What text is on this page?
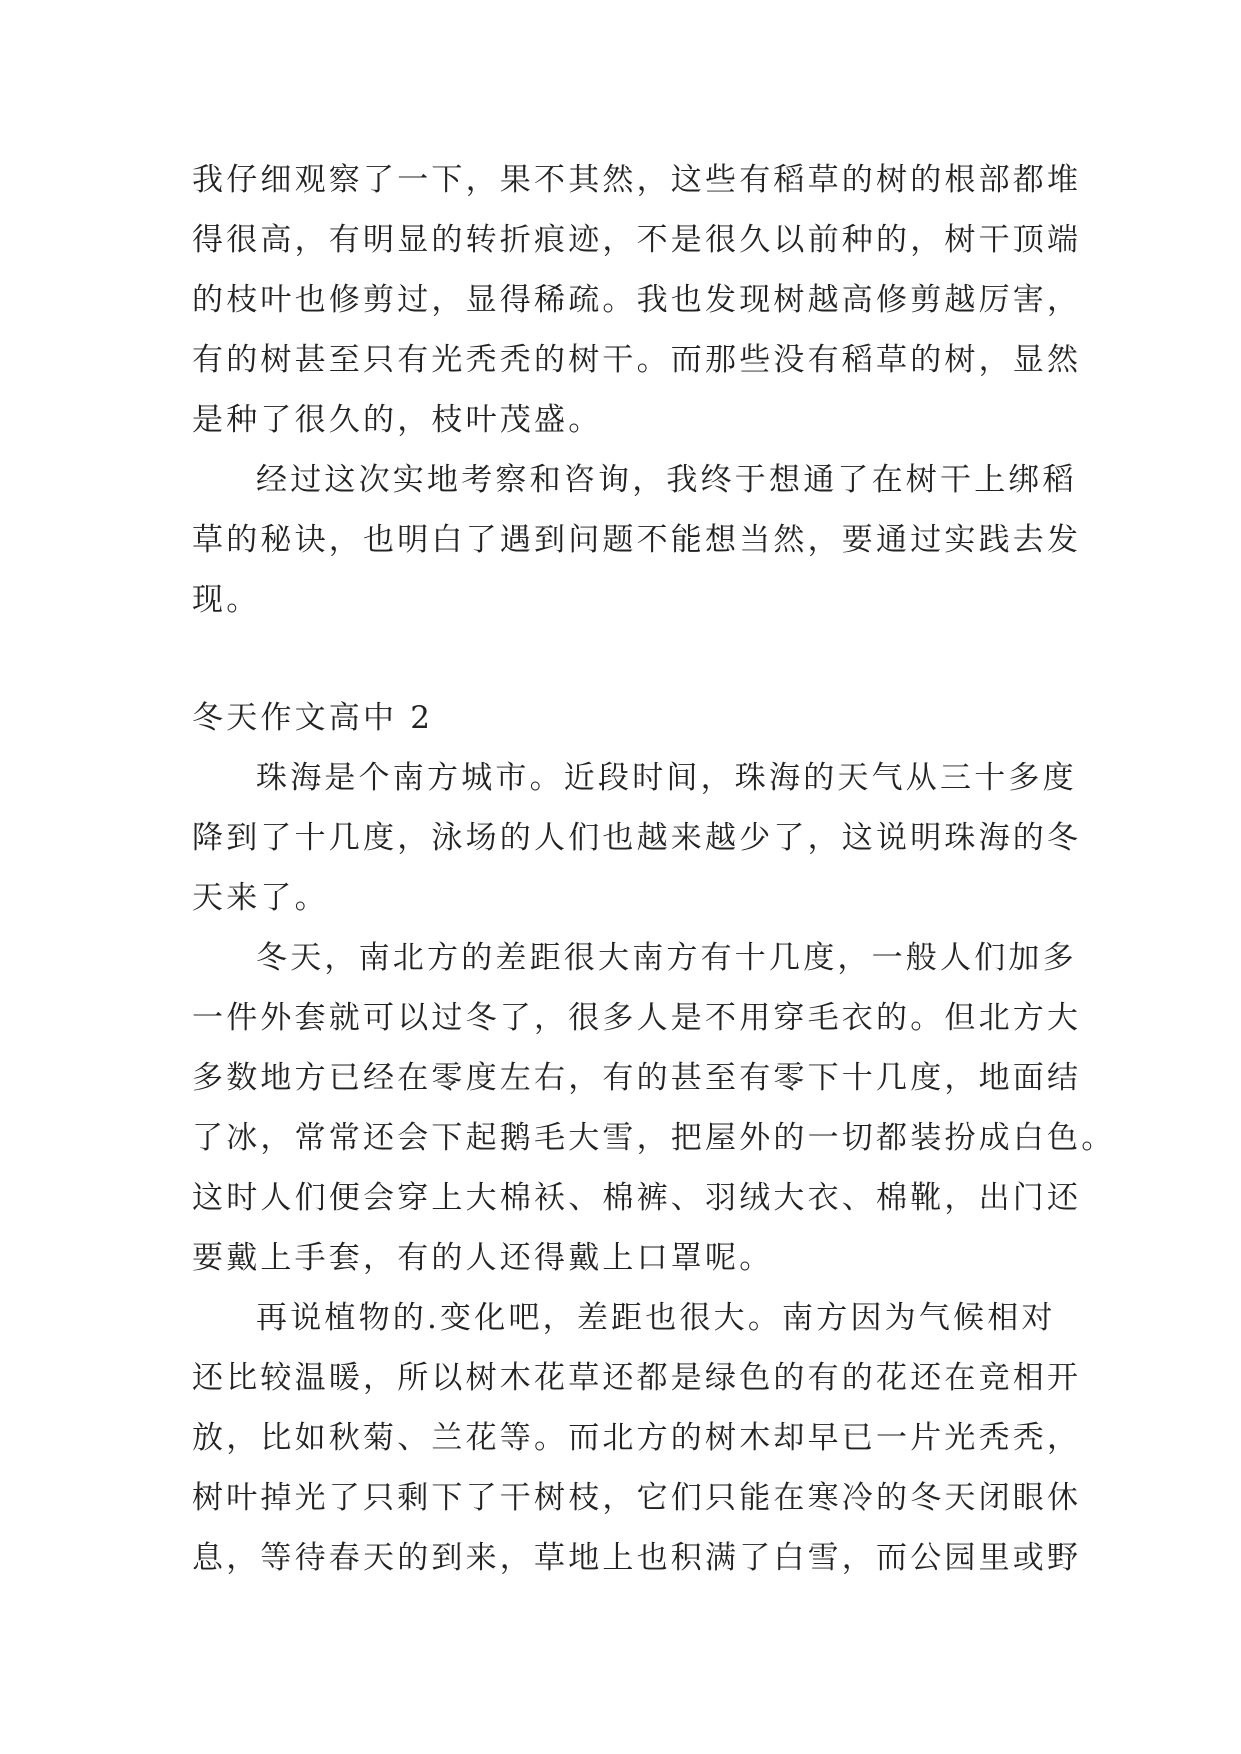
我仔细观察了一下，果不其然，这些有稻草的树的根部都堆
得很高，有明显的转折痕迹，不是很久以前种的，树干顶端
的枝叶也修剪过，显得稀疏。我也发现树越高修剪越厉害，
有的树甚至只有光秃秃的树干。而那些没有稻草的树，显然
是种了很久的，枝叶茂盛。
经过这次实地考察和咨询，我终于想通了在树干上绑稻
草的秘诀，也明白了遇到问题不能想当然，要通过实践去发
现。
冬天作文高中 2
珠海是个南方城市。近段时间，珠海的天气从三十多度
降到了十几度，泳场的人们也越来越少了，这说明珠海的冬
天来了。
冬天，南北方的差距很大南方有十几度，一般人们加多
一件外套就可以过冬了，很多人是不用穿毛衣的。但北方大
多数地方已经在零度左右，有的甚至有零下十几度，地面结
了冰，常常还会下起鹅毛大雪，把屋外的一切都装扮成白色。
这时人们便会穿上大棉袄、棉裤、羽绒大衣、棉靴，出门还
要戴上手套，有的人还得戴上口罩呢。
再说植物的.变化吧，差距也很大。南方因为气候相对
还比较温暖，所以树木花草还都是绿色的有的花还在竞相开
放，比如秋菊、兰花等。而北方的树木却早已一片光秃秃，
树叶掉光了只剩下了干树枝，它们只能在寒冷的冬天闭眼休
息，等待春天的到来，草地上也积满了白雪，而公园里或野
